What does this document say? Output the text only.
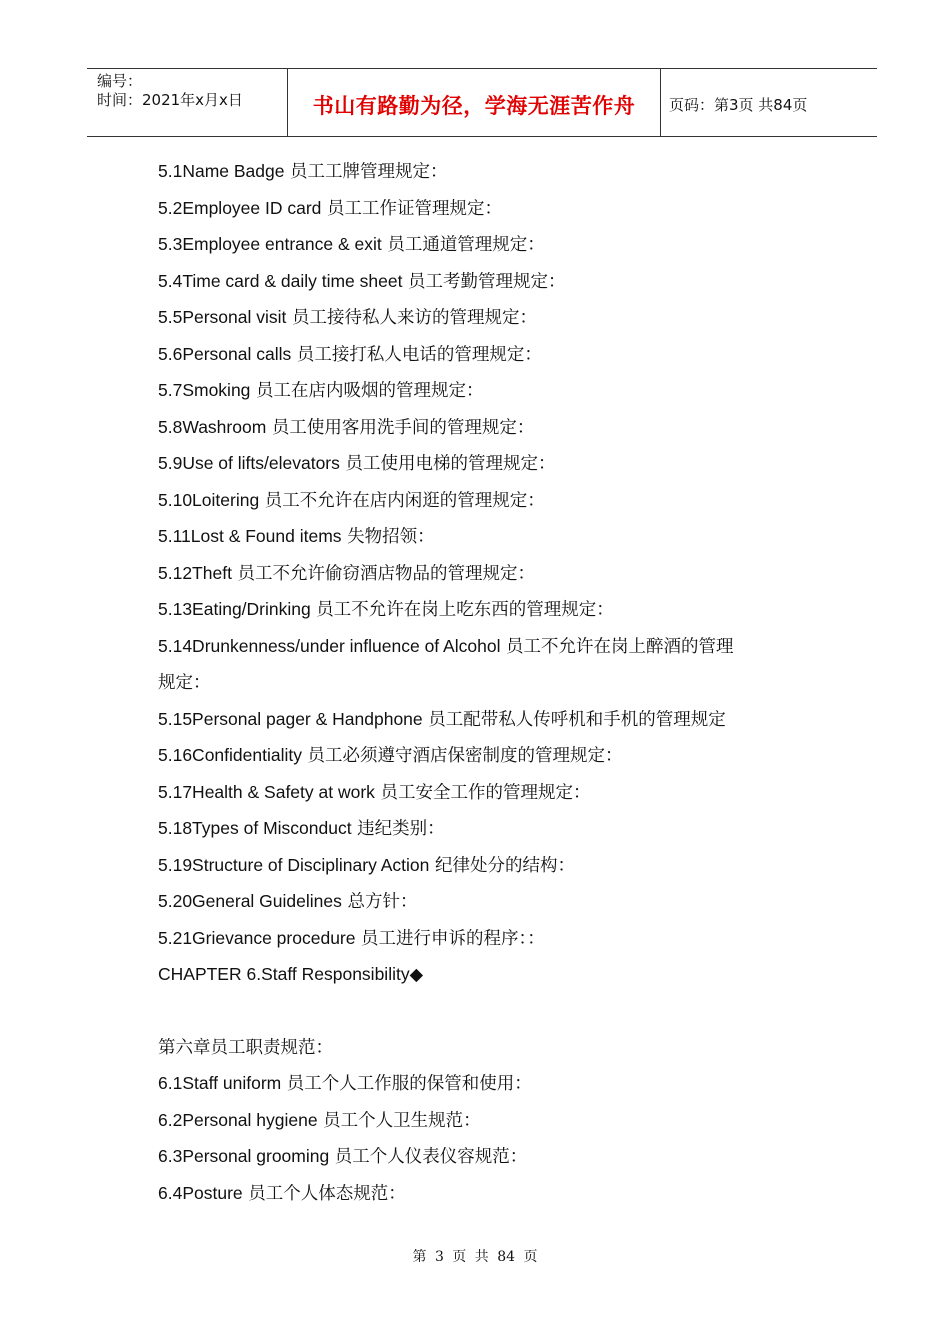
编号：
时间：2021年x月x日	书山有路勤为径，学海无涯苦作舟	页码：第3页 共84页
5.1Name Badge 员工工牌管理规定：
5.2Employee ID card 员工工作证管理规定：
5.3Employee entrance & exit 员工通道管理规定：
5.4Time card & daily time sheet 员工考勤管理规定：
5.5Personal visit 员工接待私人来访的管理规定：
5.6Personal calls 员工接打私人电话的管理规定：
5.7Smoking 员工在店内吸烟的管理规定：
5.8Washroom 员工使用客用洗手间的管理规定：
5.9Use of lifts/elevators 员工使用电梯的管理规定：
5.10Loitering 员工不允许在店内闲逛的管理规定：
5.11Lost & Found items 失物招领：
5.12Theft 员工不允许偷窃酒店物品的管理规定：
5.13Eating/Drinking 员工不允许在岗上吃东西的管理规定：
5.14Drunkenness/under influence of Alcohol 员工不允许在岗上醉酒的管理
规定：
5.15Personal pager & Handphone 员工配带私人传呼机和手机的管理规定
5.16Confidentiality 员工必须遵守酒店保密制度的管理规定：
5.17Health & Safety at work 员工安全工作的管理规定：
5.18Types of Misconduct 违纪类别：
5.19Structure of Disciplinary Action 纪律处分的结构：
5.20General Guidelines 总方针：
5.21Grievance procedure 员工进行申诉的程序：：
CHAPTER 6.Staff Responsibility◆
第六章员工职责规范：
6.1Staff uniform 员工个人工作服的保管和使用：
6.2Personal hygiene 员工个人卫生规范：
6.3Personal grooming 员工个人仪表仪容规范：
6.4Posture 员工个人体态规范：
第 3 页 共 84 页
